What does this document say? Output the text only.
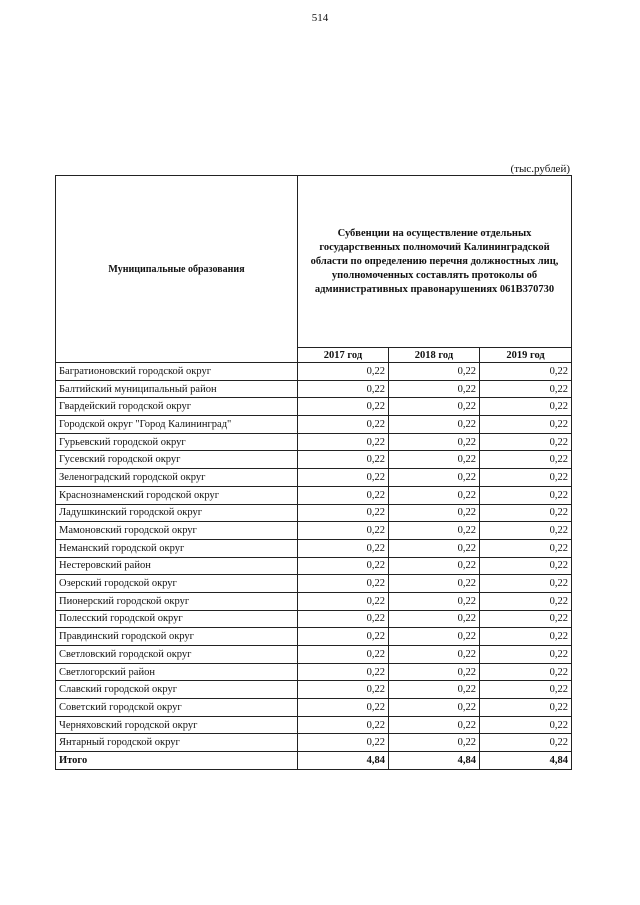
514
(тыс.рублей)
Муниципальные образования	Субвенции на осуществление отдельных государственных полномочий Калининградской области по определению перечня должностных лиц, уполномоченных составлять протоколы об административных правонарушениях 061В370730		
	2017 год	2018 год	2019 год
Багратионовский городской округ	0,22	0,22	0,22
Балтийский муниципальный район	0,22	0,22	0,22
Гвардейский городской округ	0,22	0,22	0,22
Городской округ "Город Калининград"	0,22	0,22	0,22
Гурьевский городской округ	0,22	0,22	0,22
Гусевский городской округ	0,22	0,22	0,22
Зеленоградский городской округ	0,22	0,22	0,22
Краснознаменский городской округ	0,22	0,22	0,22
Ладушкинский городской округ	0,22	0,22	0,22
Мамоновский городской округ	0,22	0,22	0,22
Неманский городской округ	0,22	0,22	0,22
Нестеровский район	0,22	0,22	0,22
Озерский городской округ	0,22	0,22	0,22
Пионерский городской округ	0,22	0,22	0,22
Полесский городской округ	0,22	0,22	0,22
Правдинский городской округ	0,22	0,22	0,22
Светловский городской округ	0,22	0,22	0,22
Светлогорский район	0,22	0,22	0,22
Славский городской округ	0,22	0,22	0,22
Советский городской округ	0,22	0,22	0,22
Черняховский городской округ	0,22	0,22	0,22
Янтарный городской округ	0,22	0,22	0,22
Итого	4,84	4,84	4,84
